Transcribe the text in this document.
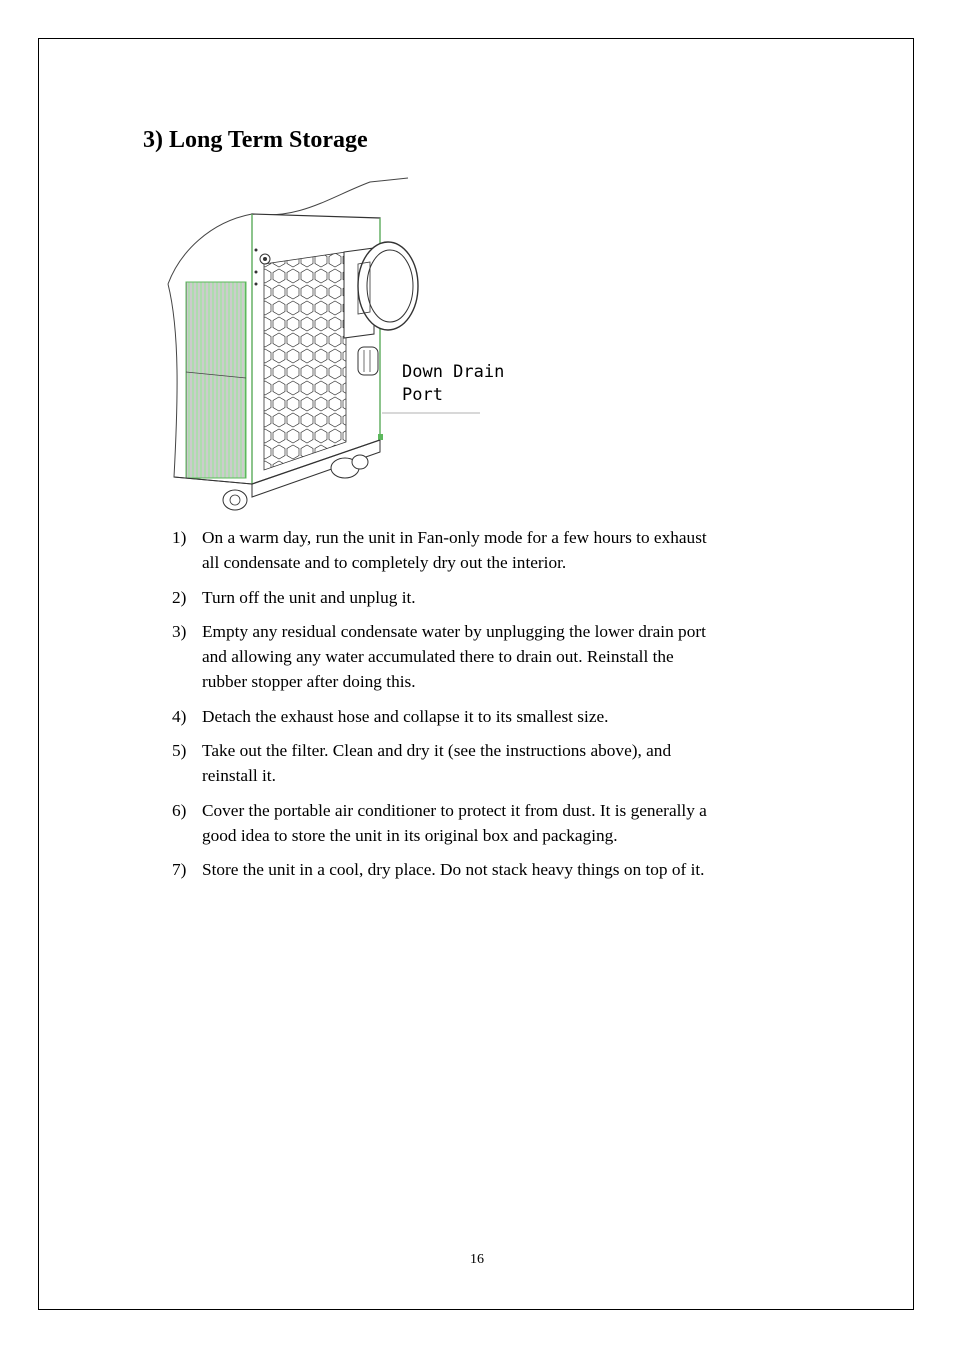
3) Long Term Storage
Down Drain
Port
1) On a warm day, run the unit in Fan-only mode for a few hours to exhaust all condensate and to completely dry out the interior.
2) Turn off the unit and unplug it.
3) Empty any residual condensate water by unplugging the lower drain port and allowing any water accumulated there to drain out. Reinstall the rubber stopper after doing this.
4) Detach the exhaust hose and collapse it to its smallest size.
5) Take out the filter. Clean and dry it (see the instructions above), and reinstall it.
6) Cover the portable air conditioner to protect it from dust. It is generally a good idea to store the unit in its original box and packaging.
7) Store the unit in a cool, dry place. Do not stack heavy things on top of it.
16
